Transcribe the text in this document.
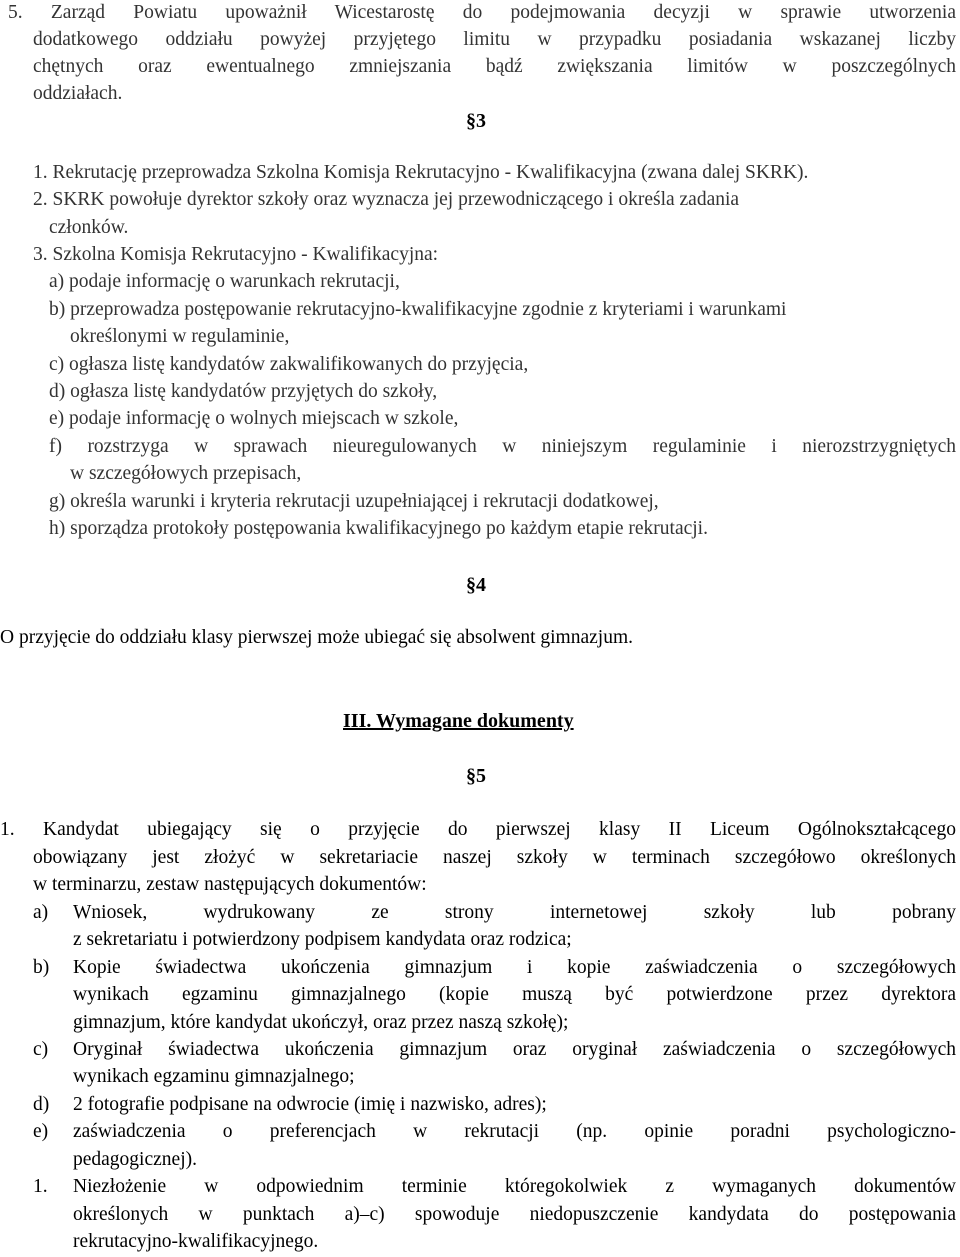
5. Zarząd Powiatu upoważnił Wicestarostę do podejmowania decyzji w sprawie utworzenia
dodatkowego oddziału powyżej przyjętego limitu w przypadku posiadania wskazanej liczby
chętnych oraz ewentualnego zmniejszania bądź zwiększania limitów w poszczególnych
oddziałach.
§3
1. Rekrutację przeprowadza Szkolna Komisja Rekrutacyjno - Kwalifikacyjna (zwana dalej SKRK).
2. SKRK powołuje dyrektor szkoły oraz wyznacza jej przewodniczącego i określa zadania
członków.
3. Szkolna Komisja Rekrutacyjno - Kwalifikacyjna:
a) podaje informację o warunkach rekrutacji,
b) przeprowadza postępowanie rekrutacyjno-kwalifikacyjne zgodnie z kryteriami i warunkami
określonymi w regulaminie,
c) ogłasza listę kandydatów zakwalifikowanych do przyjęcia,
d) ogłasza listę kandydatów przyjętych do szkoły,
e) podaje informację o wolnych miejscach w szkole,
f) rozstrzyga w sprawach nieuregulowanych w niniejszym regulaminie i nierozstrzygniętych
w szczegółowych przepisach,
g) określa warunki i kryteria rekrutacji uzupełniającej i rekrutacji dodatkowej,
h) sporządza protokoły postępowania kwalifikacyjnego po każdym etapie rekrutacji.
§4
O przyjęcie do oddziału klasy pierwszej może ubiegać się absolwent gimnazjum.
III. Wymagane dokumenty
§5
1. Kandydat ubiegający się o przyjęcie do pierwszej klasy II Liceum Ogólnokształcącego
obowiązany jest złożyć w sekretariacie naszej szkoły w terminach szczegółowo określonych
w terminarzu, zestaw następujących dokumentów:
a)	Wniosek, wydrukowany ze strony internetowej szkoły lub pobrany
z sekretariatu i potwierdzony podpisem kandydata oraz rodzica;
b)	Kopie świadectwa ukończenia gimnazjum i kopie zaświadczenia o szczegółowych
wynikach egzaminu gimnazjalnego (kopie muszą być potwierdzone przez dyrektora
gimnazjum, które kandydat ukończył, oraz przez naszą szkołę);
c)	Oryginał świadectwa ukończenia gimnazjum oraz oryginał zaświadczenia o szczegółowych
wynikach egzaminu gimnazjalnego;
d)	2 fotografie podpisane na odwrocie (imię i nazwisko, adres);
e)	zaświadczenia o preferencjach w rekrutacji (np. opinie poradni psychologiczno-
pedagogicznej).
1.	Niezłożenie w odpowiednim terminie któregokolwiek z wymaganych dokumentów
określonych w punktach a)–c) spowoduje niedopuszczenie kandydata do postępowania
rekrutacyjno-kwalifikacyjnego.
